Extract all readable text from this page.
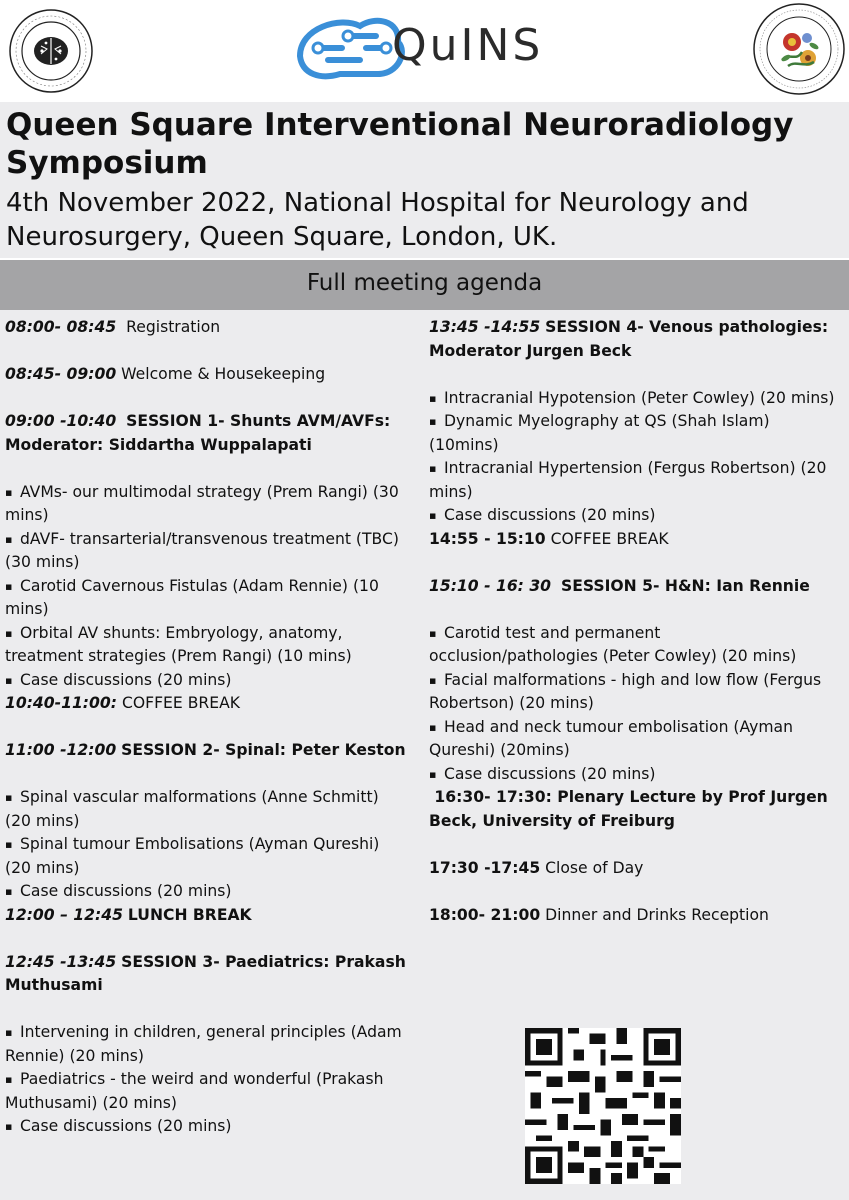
QuINS
Queen Square Interventional Neuroradiology
Symposium
4th November 2022, National Hospital for Neurology and
Neurosurgery, Queen Square, London, UK.
Full meeting agenda
08:00- 08:45 Registration
08:45- 09:00 Welcome & Housekeeping
09:00 -10:40 SESSION 1- Shunts AVM/AVFs:
Moderator: Siddartha Wuppalapati
▪ AVMs- our multimodal strategy (Prem Rangi) (30
mins)
▪ dAVF- transarterial/transvenous treatment (TBC)
(30 mins)
▪ Carotid Cavernous Fistulas (Adam Rennie) (10
mins)
▪ Orbital AV shunts: Embryology, anatomy,
treatment strategies (Prem Rangi) (10 mins)
▪ Case discussions (20 mins)
10:40-11:00: COFFEE BREAK
11:00 -12:00 SESSION 2- Spinal: Peter Keston
▪ Spinal vascular malformations (Anne Schmitt)
(20 mins)
▪ Spinal tumour Embolisations (Ayman Qureshi)
(20 mins)
▪ Case discussions (20 mins)
12:00 – 12:45 LUNCH BREAK
12:45 -13:45 SESSION 3- Paediatrics: Prakash
Muthusami
▪ Intervening in children, general principles (Adam
Rennie) (20 mins)
▪ Paediatrics - the weird and wonderful (Prakash
Muthusami) (20 mins)
▪ Case discussions (20 mins)
13:45 -14:55 SESSION 4- Venous pathologies:
Moderator Jurgen Beck
▪ Intracranial Hypotension (Peter Cowley) (20 mins)
▪ Dynamic Myelography at QS (Shah Islam)
(10mins)
▪ Intracranial Hypertension (Fergus Robertson) (20
mins)
▪ Case discussions (20 mins)
14:55 - 15:10 COFFEE BREAK
15:10 - 16: 30 SESSION 5- H&N: Ian Rennie
▪ Carotid test and permanent
occlusion/pathologies (Peter Cowley) (20 mins)
▪ Facial malformations - high and low flow (Fergus
Robertson) (20 mins)
▪ Head and neck tumour embolisation (Ayman
Qureshi) (20mins)
▪ Case discussions (20 mins)
16:30- 17:30: Plenary Lecture by Prof Jurgen
Beck, University of Freiburg
17:30 -17:45 Close of Day
18:00- 21:00 Dinner and Drinks Reception
